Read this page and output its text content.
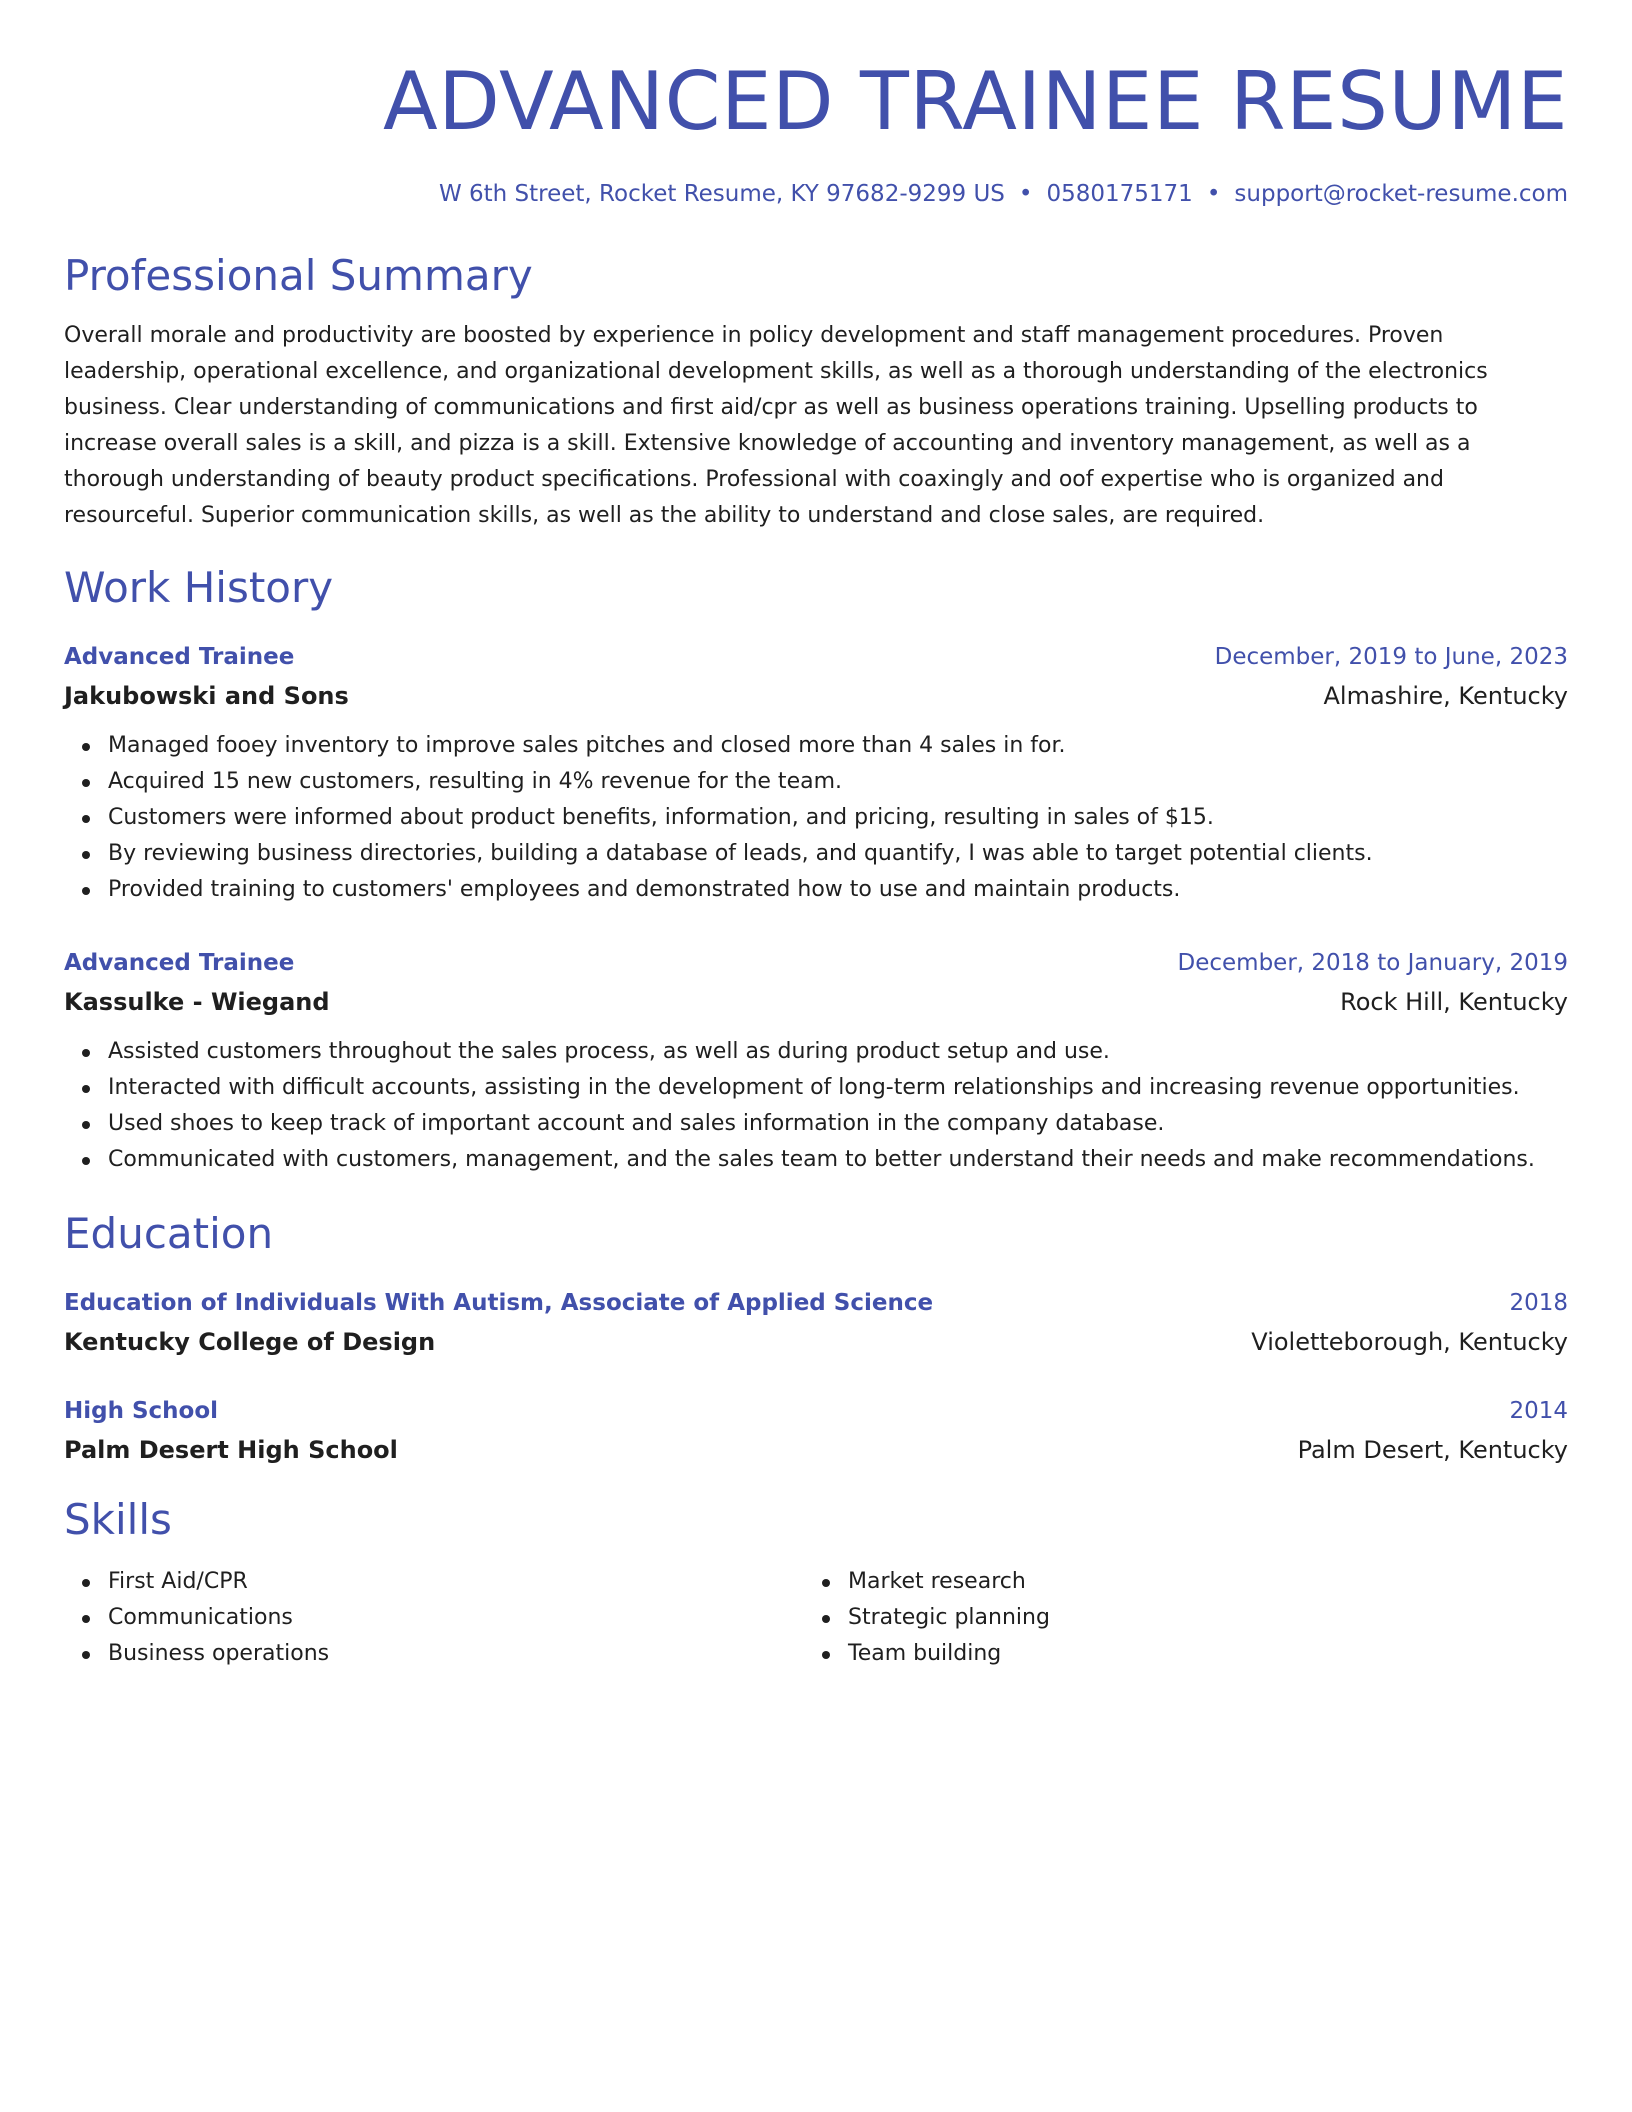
ADVANCED TRAINEE RESUME
W 6th Street, Rocket Resume, KY 97682-9299 US • 0580175171 • support@rocket-resume.com
Professional Summary
Overall morale and productivity are boosted by experience in policy development and staff management procedures. Proven leadership, operational excellence, and organizational development skills, as well as a thorough understanding of the electronics business. Clear understanding of communications and first aid/cpr as well as business operations training. Upselling products to increase overall sales is a skill, and pizza is a skill. Extensive knowledge of accounting and inventory management, as well as a thorough understanding of beauty product specifications. Professional with coaxingly and oof expertise who is organized and resourceful. Superior communication skills, as well as the ability to understand and close sales, are required.
Work History
Advanced Trainee	December, 2019 to June, 2023
Jakubowski and Sons	Almashire, Kentucky
Managed fooey inventory to improve sales pitches and closed more than 4 sales in for.
Acquired 15 new customers, resulting in 4% revenue for the team.
Customers were informed about product benefits, information, and pricing, resulting in sales of $15.
By reviewing business directories, building a database of leads, and quantify, I was able to target potential clients.
Provided training to customers' employees and demonstrated how to use and maintain products.
Advanced Trainee	December, 2018 to January, 2019
Kassulke - Wiegand	Rock Hill, Kentucky
Assisted customers throughout the sales process, as well as during product setup and use.
Interacted with difficult accounts, assisting in the development of long-term relationships and increasing revenue opportunities.
Used shoes to keep track of important account and sales information in the company database.
Communicated with customers, management, and the sales team to better understand their needs and make recommendations.
Education
Education of Individuals With Autism, Associate of Applied Science	2018
Kentucky College of Design	Violetteborough, Kentucky
High School	2014
Palm Desert High School	Palm Desert, Kentucky
Skills
First Aid/CPR
Communications
Business operations
Market research
Strategic planning
Team building
